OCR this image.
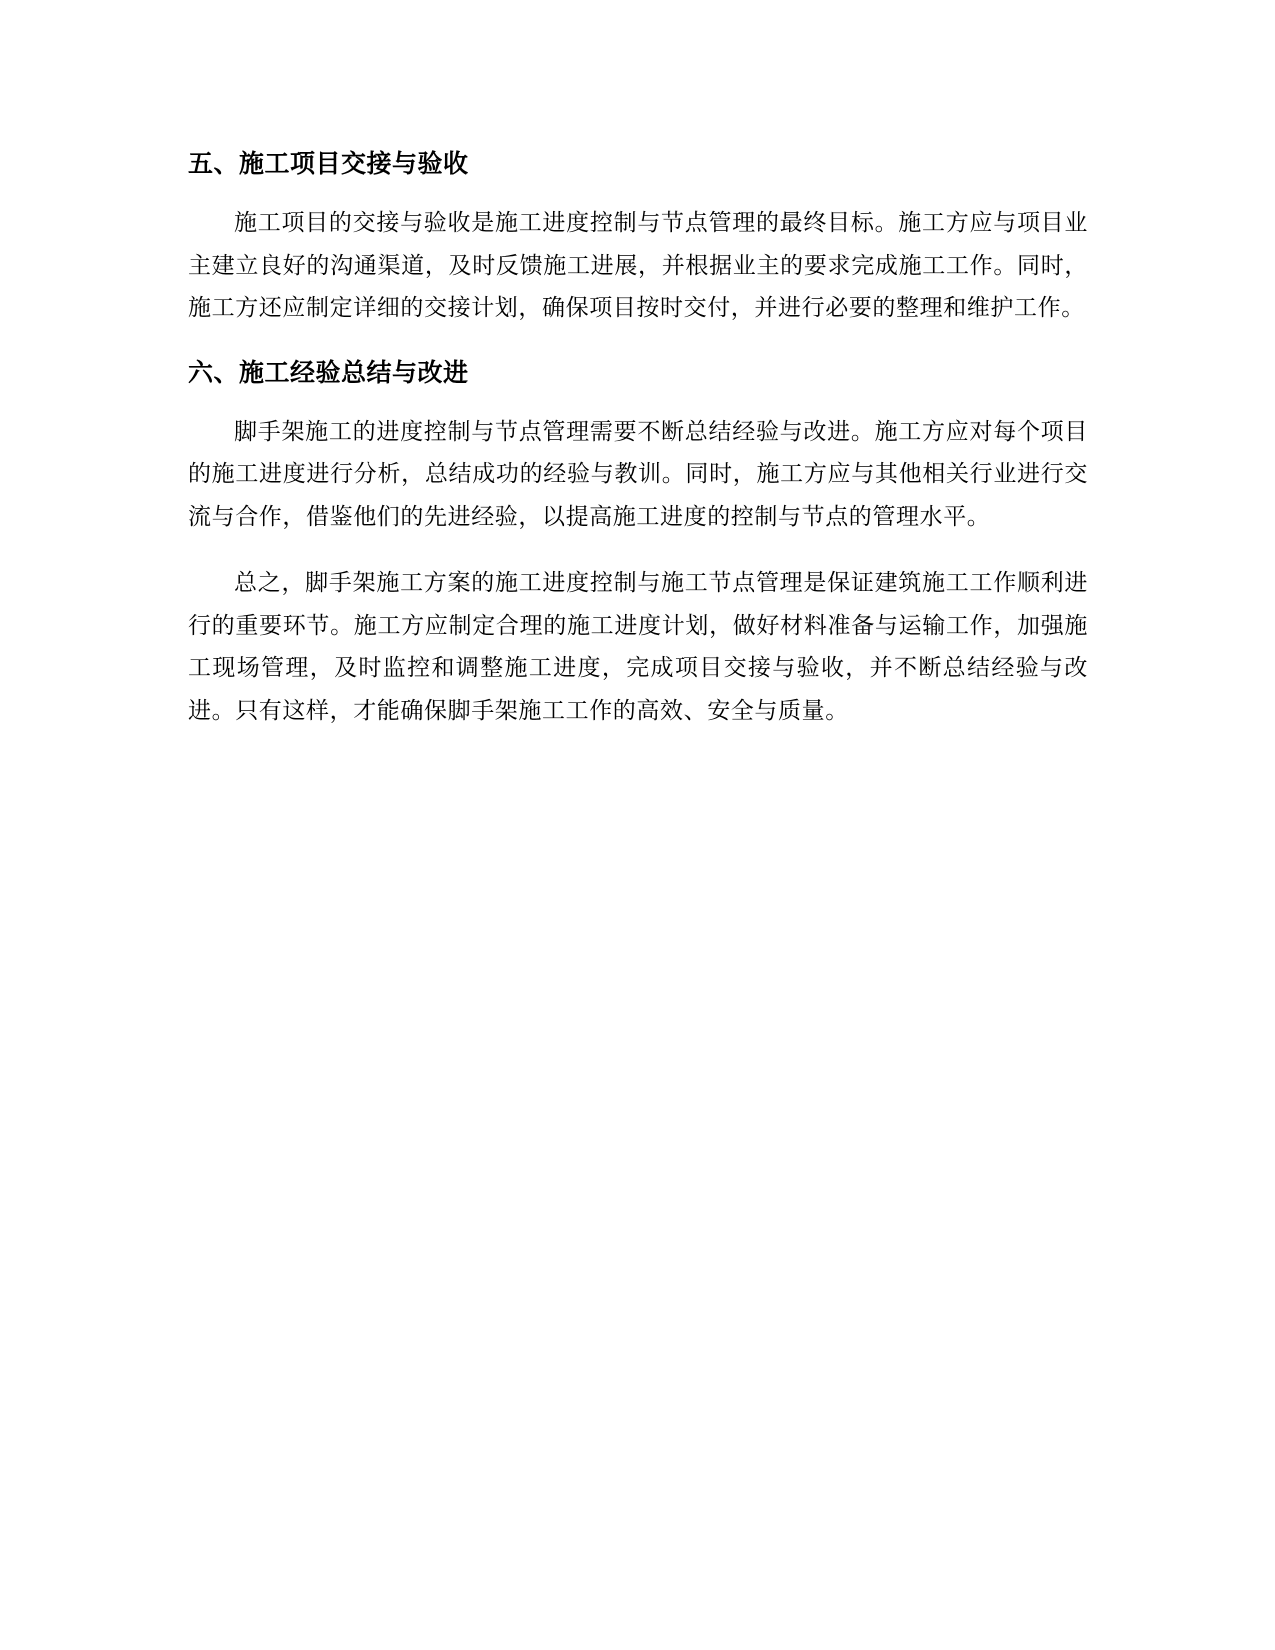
五、施工项目交接与验收

施工项目的交接与验收是施工进度控制与节点管理的最终目标。施工方应与项目业主建立良好的沟通渠道，及时反馈施工进展，并根据业主的要求完成施工工作。同时，施工方还应制定详细的交接计划，确保项目按时交付，并进行必要的整理和维护工作。

六、施工经验总结与改进

脚手架施工的进度控制与节点管理需要不断总结经验与改进。施工方应对每个项目的施工进度进行分析，总结成功的经验与教训。同时，施工方应与其他相关行业进行交流与合作，借鉴他们的先进经验，以提高施工进度的控制与节点的管理水平。

总之，脚手架施工方案的施工进度控制与施工节点管理是保证建筑施工工作顺利进行的重要环节。施工方应制定合理的施工进度计划，做好材料准备与运输工作，加强施工现场管理，及时监控和调整施工进度，完成项目交接与验收，并不断总结经验与改进。只有这样，才能确保脚手架施工工作的高效、安全与质量。
